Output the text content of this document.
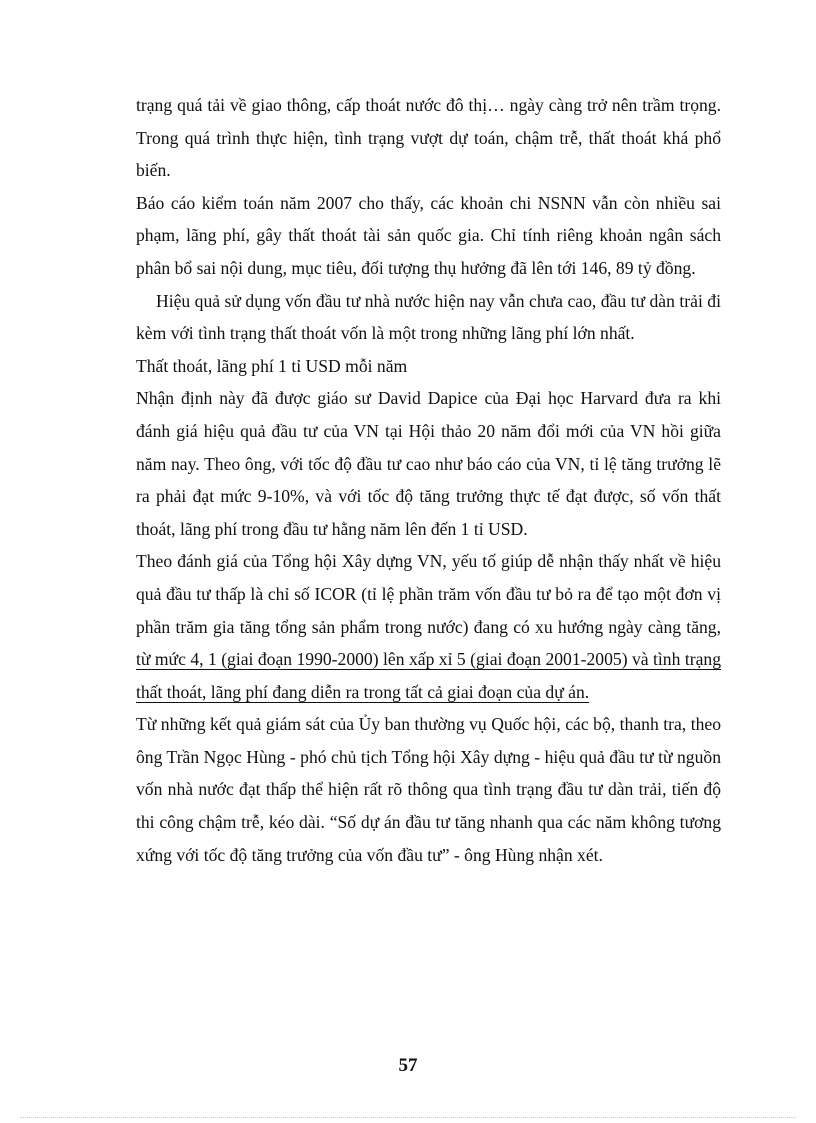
trạng quá tải về giao thông, cấp thoát nước đô thị… ngày càng trở nên trầm trọng. Trong quá trình thực hiện, tình trạng vượt dự toán, chậm trễ, thất thoát khá phổ biến.

Báo cáo kiểm toán năm 2007 cho thấy, các khoản chi NSNN vẫn còn nhiều sai phạm, lãng phí, gây thất thoát tài sản quốc gia. Chỉ tính riêng khoản ngân sách phân bổ sai nội dung, mục tiêu, đối tượng thụ hưởng đã lên tới 146, 89 tỷ đồng.

Hiệu quả sử dụng vốn đầu tư nhà nước hiện nay vẫn chưa cao, đầu tư dàn trải đi kèm với tình trạng thất thoát vốn là một trong những lãng phí lớn nhất.

Thất thoát, lãng phí 1 tỉ USD mỗi năm

Nhận định này đã được giáo sư David Dapice của Đại học Harvard đưa ra khi đánh giá hiệu quả đầu tư của VN tại Hội thảo 20 năm đổi mới của VN hồi giữa năm nay. Theo ông, với tốc độ đầu tư cao như báo cáo của VN, tỉ lệ tăng trưởng lẽ ra phải đạt mức 9-10%, và với tốc độ tăng trưởng thực tế đạt được, số vốn thất thoát, lãng phí trong đầu tư hằng năm lên đến 1 tỉ USD.

Theo đánh giá của Tổng hội Xây dựng VN, yếu tố giúp dễ nhận thấy nhất về hiệu quả đầu tư thấp là chỉ số ICOR (tỉ lệ phần trăm vốn đầu tư bỏ ra để tạo một đơn vị phần trăm gia tăng tổng sản phẩm trong nước) đang có xu hướng ngày càng tăng, từ mức 4, 1 (giai đoạn 1990-2000) lên xấp xỉ 5 (giai đoạn 2001-2005) và tình trạng thất thoát, lãng phí đang diễn ra trong tất cả giai đoạn của dự án.

Từ những kết quả giám sát của Ủy ban thường vụ Quốc hội, các bộ, thanh tra, theo ông Trần Ngọc Hùng - phó chủ tịch Tổng hội Xây dựng - hiệu quả đầu tư từ nguồn vốn nhà nước đạt thấp thể hiện rất rõ thông qua tình trạng đầu tư dàn trải, tiến độ thi công chậm trễ, kéo dài. “Số dự án đầu tư tăng nhanh qua các năm không tương xứng với tốc độ tăng trưởng của vốn đầu tư” - ông Hùng nhận xét.

57
